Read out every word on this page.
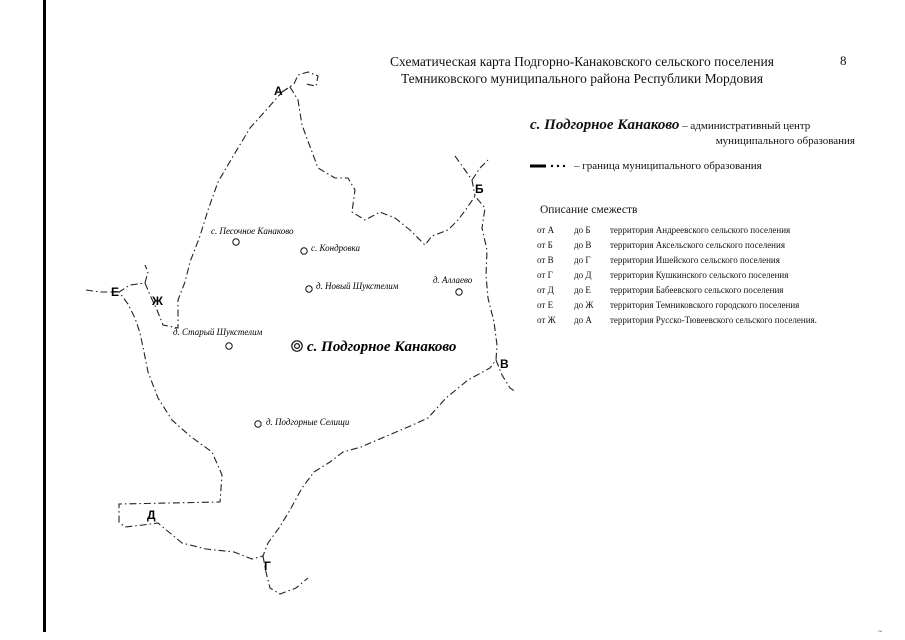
Схематическая карта Подгорно-Канаковского сельского поселения
Темниковского муниципального района Республики Мордовия
8
с. Подгорное Канаково – административный центр
муниципального образования
– граница муниципального образования
Описание смежеств
от А	до Б	территория Андреевского сельского поселения
от Б	до В	территория Аксельского сельского поселения
от В	до Г	территория Ишейского сельского поселения
от Г	до Д	территория Кушкинского сельского поселения
от Д	до Е	территория Бабеевского сельского поселения
от Е	до Ж	территория Темниковского городского поселения
от Ж	до А	территория Русско-Тювеевского сельского поселения.
с. Песочное Канаково
с. Кондровка
д. Новый Шукстелим
д. Аллаево
д. Старый Шукстелим
д. Подгорные Селищи
с. Подгорное Канаково
А
Б
В
Г
Д
Е
Ж
~
